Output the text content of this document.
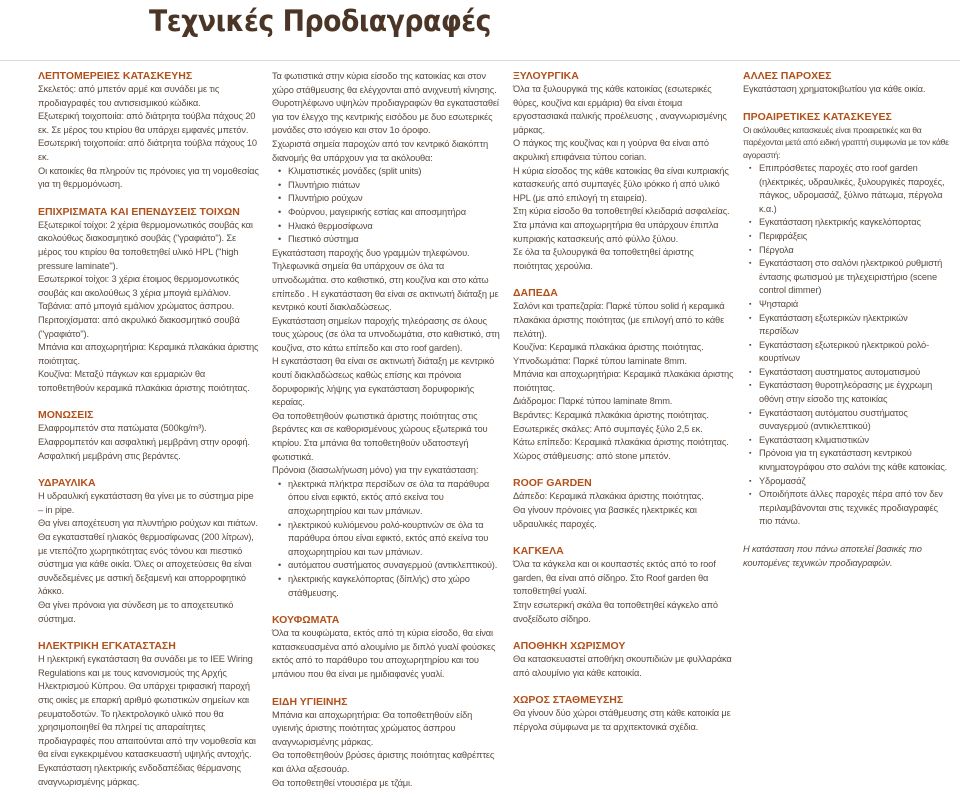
Τεχνικές Προδιαγραφές
ΛΕΠΤΟΜΕΡΕΙΕΣ ΚΑΤΑΣΚΕΥΗΣ

Σκελετός: από μπετόν αρμέ και συνάδει με τις προδιαγραφές του αντισεισμικού κώδικα.

Εξωτερική τοιχοποιία: από διάτρητα τούβλα πάχους 20 εκ. Σε μέρος του κτιρίου θα υπάρχει εμφανές μπετόν.

Εσωτερική τοιχοποιία: από διάτρητα τούβλα πάχους 10 εκ.

Οι κατοικίες θα πληρούν τις πρόνοιες για τη νομοθεσίας για τη θερμομόνωση.

ΕΠΙΧΡΙΣΜΑΤΑ ΚΑΙ ΕΠΕΝΔΥΣΕΙΣ ΤΟΙΧΩΝ

Εξωτερικοί τοίχοι: 2 χέρια θερμομονωτικός σουβάς και ακολούθως διακοσμητικό σουβάς ("γραφιάτο"). Σε μέρος του κτιρίου θα τοποθετηθεί υλικό HPL ("high pressure laminate").

Εσωτερικοί τοίχοι: 3 χέρια έτοιμος θερμομονωτικός σουβάς και ακολούθως 3 χέρια μπογιά εμλάλιον.

Ταβάνια: από μπογιά εμάλιον χρώματος άσπρου.

Περιτοιχίσματα: από ακρυλικό διακοσμητικό σουβά ("γραφιάτο").

Μπάνια και αποχωρητήρια: Κεραμικά πλακάκια άριστης ποιότητας.

Κουζίνα: Μεταξύ πάγκων και ερμαριών θα τοποθετηθούν κεραμικά πλακάκια άριστης ποιότητας.

ΜΟΝΩΣΕΙΣ

Ελαφρομπετόν στα πατώματα (500kg/m³). Ελαφρομπετόν και ασφαλτική μεμβράνη στην οροφή. Ασφαλτική μεμβράνη στις βεράντες.

ΥΔΡΑΥΛΙΚΑ

Η υδραυλική εγκατάσταση θα γίνει με το σύστημα pipe – in pipe.

Θα γίνει αποχέτευση για πλυντήριο ρούχων και πιάτων. Θα εγκατασταθεί ηλιακός θερμοσίφωνας (200 λίτρων), με ντεπόζιτο χωρητικότητας ενός τόνου και πιεστικό σύστημα για κάθε οικία. Όλες οι αποχετεύσεις θα είναι συνδεδεμένες με αστική δεξαμενή και απορροφητικό λάκκο.

Θα γίνει πρόνοια για σύνδεση με το αποχετευτικό σύστημα.

ΗΛΕΚΤΡΙΚΗ ΕΓΚΑΤΑΣΤΑΣΗ

Η ηλεκτρική εγκατάσταση θα συνάδει με το IEE Wiring Regulations και με τους κανονισμούς της Αρχής Ηλεκτρισμού Κύπρου. Θα υπάρχει τριφασική παροχή στις οικίες με επαρκή αριθμό φωτιστικών σημείων και ρευματοδοτών. Το ηλεκτρολογικό υλικό που θα χρησιμοποιηθεί θα πληρεί τις απαραίτητες προδιαγραφές που απαιτούνται από την νομοθεσία και θα είναι εγκεκριμένου κατασκευαστή υψηλής αντοχής.

Εγκατάσταση ηλεκτρικής ενδοδαπέδιας θέρμανσης αναγνωρισμένης μάρκας.

Τα φωτιστικά στην κύρια είσοδο της κατοικίας και στον χώρο στάθμευσης θα ελέγχονται από ανιχνευτή κίνησης.

Θυροτηλέφωνο υψηλών προδιαγραφών θα εγκατασταθεί για τον έλεγχο της κεντρικής εισόδου με δυο εσωτερικές μονάδες στο ισόγειο και στον 1ο όροφο.

Σχωριστά σημεία παροχών από τον κεντρικό διακόπτη διανομής θα υπάρχουν για τα ακόλουθα:

• Κλιματιστικές μονάδες (split units)
• Πλυντήριο πιάτων
• Πλυντήριο ρούχων
• Φούρνου, μαγειρικής εστίας και αποσμητήρα
• Ηλιακό θερμοσίφωνα
• Πιεστικό σύστημα

Εγκατάσταση παροχής δυο γραμμών τηλεφώνου. Τηλεφωνικά σημεία θα υπάρχουν σε όλα τα υπνοδωμάτια. στο καθιστικό, στη κουζίνα και στο κάτω επίπεδο . Η εγκατάσταση θα είναι σε ακτινωτή διάταξη με κεντρικό κουτί διακλαδώσεως.

Εγκατάσταση σημείων παροχής τηλεόρασης σε όλους τους χώρους (σε όλα τα υπνοδωμάτια, στο καθιστικό, στη κουζίνα, στο κάτω επίπεδο και στο roof garden).

Η εγκατάσταση θα είναι σε ακτινωτή διάταξη με κεντρικό κουτί διακλαδώσεως καθώς επίσης και πρόνοια δορυφορικής λήψης για εγκατάσταση δορυφορικής κεραίας.

Θα τοποθετηθούν φωτιστικά άριστης ποιότητας στις βεράντες και σε καθορισμένους χώρους εξωτερικά του κτιρίου. Στα μπάνια θα τοποθετηθούν υδατοστεγή φωτιστικά.

Πρόνοια (διασωλήνωση μόνο) για την εγκατάσταση:

• ηλεκτρικά πλήκτρα περσίδων σε όλα τα παράθυρα όπου είναι εφικτό, εκτός από εκείνα του αποχωρητηρίου και των μπάνιων.
• ηλεκτρικού κυλιόμενου ρολό-κουρτινών σε όλα τα παράθυρα όπου είναι εφικτό, εκτός από εκείνα του αποχωρητηρίου και των μπάνιων.
• αυτόματου συστήματος συναγερμού (αντικλεπτικού).
• ηλεκτρικής καγκελόπορτας (δίπλής) στο χώρο στάθμευσης.
ΚΟΥΦΩΜΑΤΑ

Όλα τα κουφώματα, εκτός από τη κύρια είσοδο, θα είναι κατασκευασμένα από αλουμίνιο με διπλό γυαλί φούσκες εκτός από το παράθυρο του αποχωρητηρίου και του μπάνιου που θα είναι με ημιδιαφανές γυαλί.

ΕΙΔΗ ΥΓΙΕΙΝΗΣ

Μπάνια και αποχωρητήρια: Θα τοποθετηθούν είδη υγιεινής άριστης ποιότητας χρώματος άσπρου αναγνωρισμένης μάρκας.

Θα τοποθετηθούν βρύσες άριστης ποιότητας καθρέπτες και άλλα αξεσουάρ.

Θα τοποθετηθεί ντουσιέρα με τζάμι.

ΞΥΛΟΥΡΓΙΚΑ

Όλα τα ξυλουργικά της κάθε κατοικίας (εσωτερικές θύρες, κουζίνα και ερμάρια) θα είναι έτοιμα εργοστασιακά ιταλικής προέλευσης , αναγνωρισμένης μάρκας.

Ο πάγκος της κουζίνας και η γούρνα θα είναι από ακρυλική επιφάνεια τύπου corian.

Η κύρια είσοδος της κάθε κατοικίας θα είναι κυπριακής κατασκευής από συμπαγές ξύλο ιρόκκο ή από υλικό HPL (με από επιλογή τη εταιρεία).

Στη κύρια είσοδο θα τοποθετηθεί κλειδαριά ασφαλείας.

Στα μπάνια και αποχωρητήρια θα υπάρχουν έπιπλα κυπριακής κατασκευής από φύλλο ξύλου.

Σε όλα τα ξυλουργικά θα τοποθετηθεί άριστης ποιότητας χερούλια.

ΔΑΠΕΔΑ

Σαλόνι και τραπεζαρία: Παρκέ τύπου solid ή κεραμικά πλακάκια άριστης ποιότητας (με επιλογή από το κάθε πελάτη).

Κουζίνα: Κεραμικά πλακάκια άριστης ποιότητας.

Υπνοδωμάτια: Παρκέ τύπου laminate 8mm.

Μπάνια και αποχωρητήρια: Κεραμικά πλακάκια άριστης ποιότητας.

Διάδρομοι: Παρκέ τύπου laminate 8mm.

Βεράντες: Κεραμικά πλακάκια άριστης ποιότητας.

Εσωτερικές σκάλες: Από συμπαγές ξύλο 2,5 εκ.

Κάτω επίπεδο: Κεραμικά πλακάκια άριστης ποιότητας.

Χώρος στάθμευσης: από stone μπετόν.

ROOF GARDEN

Δάπεδο: Κεραμικά πλακάκια άριστης ποιότητας.

Θα γίνουν πρόνοιες για βασικές ηλεκτρικές και υδραυλικές παροχές.

ΚΑΓΚΕΛΑ

Όλα τα κάγκελα και οι κουπαστές εκτός από το roof garden, θα είναι από σίδηρο. Στο Roof garden θα τοποθετηθεί γυαλί.

Στην εσωτερική σκάλα θα τοποθετηθεί κάγκελο από ανοξείδωτο σίδηρο.

ΑΠΟΘΗΚΗ ΧΩΡΙΣΜΟΥ

Θα κατασκευαστεί αποθήκη σκουπιδιών με φυλλαράκα από αλουμίνιο για κάθε κατοικία.

ΧΩΡΟΣ ΣΤΑΘΜΕΥΣΗΣ

Θα γίνουν δύο χώροι στάθμευσης στη κάθε κατοικία με πέργολα σύμφωνα με τα αρχιτεκτονικά σχέδια.

ΑΛΛΕΣ ΠΑΡΟΧΕΣ

Εγκατάσταση χρηματοκιβωτίου για κάθε οικία.

ΠΡΟΑΙΡΕΤΙΚΕΣ ΚΑΤΑΣΚΕΥΕΣ

Οι ακόλουθες κατασκευές είναι προαιρετικές και θα παρέχονται μετά από ειδική γραπτή συμφωνία με τον κάθε αγοραστή:

▪ Επιπρόσθετες παροχές στο roof garden (ηλεκτρικές, υδραυλικές, ξυλουργικές παροχές, πάγκος, υδρομασάζ, ξύλινο πάτωμα, πέργολα κ.α.)
▪ Εγκατάσταση ηλεκτρικής καγκελόπορτας
▪ Περιφράξεις
▪ Πέργολα
▪ Εγκατάσταση στο σαλόνι ηλεκτρικού ρυθμιστή έντασης φωτισμού με τηλεχειριστήριο (scene control dimmer)
▪ Ψησταριά
▪ Εγκατάσταση εξωτερικών ηλεκτρικών περσίδων
▪ Εγκατάσταση εξωτερικού ηλεκτρικού ρολό-κουρτίνων
▪ Εγκατάσταση αυστηματος αυτοματισμού
▪ Εγκατάσταση θυροτηλεόρασης με έγχρωμη οθόνη στην είσοδο της κατοικίας
▪ Εγκατάσταση αυτόματου συστήματος συναγερμού (αντικλεπτικού)
▪ Εγκατάσταση κλιματιστικών
▪ Πρόνοια για τη εγκατάσταση κεντρικού κινηματογράφου στο σαλόνι της κάθε κατοικίας.
▪ Υδρομασάζ
▪ Οποιδήποτε άλλες παροχές πέρα από τον δεν περιλαμβάνονται στις τεχνικές προδιαγραφές πιο πάνω.

Η κατάσταση που πάνω αποτελεί βασικές πιο κουπομένες τεχνικών προδιαγραφών.
